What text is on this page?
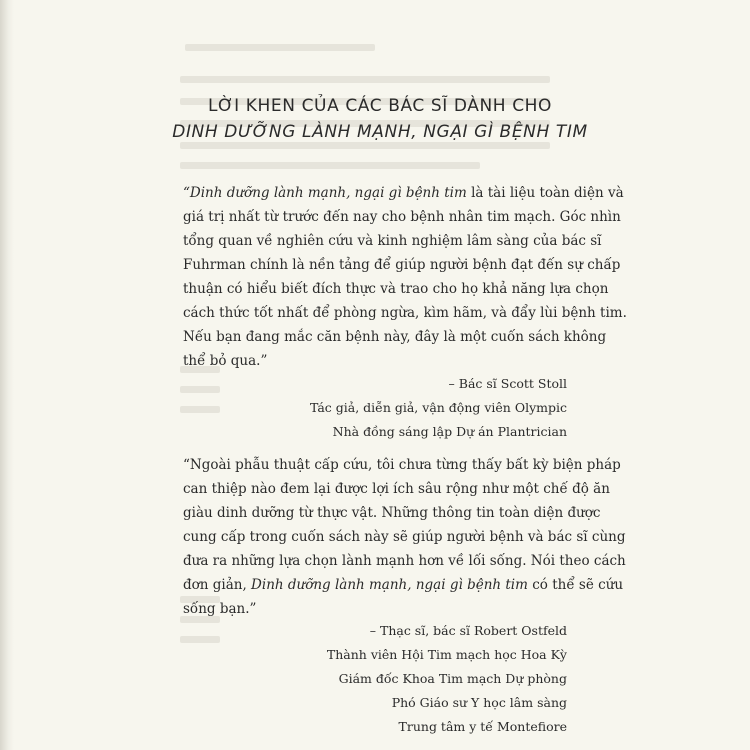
LỜI KHEN CỦA CÁC BÁC SĨ DÀNH CHO
DINH DƯỠNG LÀNH MẠNH, NGẠI GÌ BỆNH TIM
“Dinh dưỡng lành mạnh, ngại gì bệnh tim là tài liệu toàn diện và
giá trị nhất từ trước đến nay cho bệnh nhân tim mạch. Góc nhìn
tổng quan về nghiên cứu và kinh nghiệm lâm sàng của bác sĩ
Fuhrman chính là nền tảng để giúp người bệnh đạt đến sự chấp
thuận có hiểu biết đích thực và trao cho họ khả năng lựa chọn
cách thức tốt nhất để phòng ngừa, kìm hãm, và đẩy lùi bệnh tim.
Nếu bạn đang mắc căn bệnh này, đây là một cuốn sách không
thể bỏ qua.”
– Bác sĩ Scott Stoll
Tác giả, diễn giả, vận động viên Olympic
Nhà đồng sáng lập Dự án Plantrician
“Ngoài phẫu thuật cấp cứu, tôi chưa từng thấy bất kỳ biện pháp
can thiệp nào đem lại được lợi ích sâu rộng như một chế độ ăn
giàu dinh dưỡng từ thực vật. Những thông tin toàn diện được
cung cấp trong cuốn sách này sẽ giúp người bệnh và bác sĩ cùng
đưa ra những lựa chọn lành mạnh hơn về lối sống. Nói theo cách
đơn giản, Dinh dưỡng lành mạnh, ngại gì bệnh tim có thể sẽ cứu
sống bạn.”
– Thạc sĩ, bác sĩ Robert Ostfeld
Thành viên Hội Tim mạch học Hoa Kỳ
Giám đốc Khoa Tim mạch Dự phòng
Phó Giáo sư Y học lâm sàng
Trung tâm y tế Montefiore
